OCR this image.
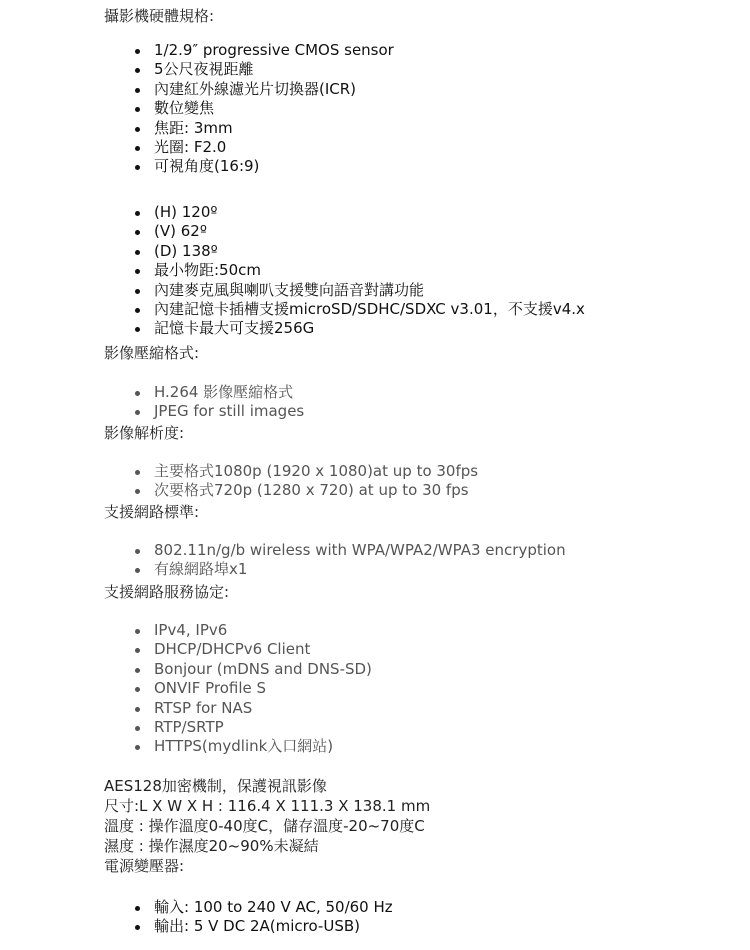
攝影機硬體規格:
1/2.9″ progressive CMOS sensor
5公尺夜視距離
內建紅外線濾光片切換器(ICR)
數位變焦
焦距: 3mm
光圈: F2.0
可視角度(16:9)
(H) 120º
(V) 62º
(D) 138º
最小物距:50cm
內建麥克風與喇叭支援雙向語音對講功能
內建記憶卡插槽支援microSD/SDHC/SDXC v3.01，不支援v4.x
記憶卡最大可支援256G
影像壓縮格式:
H.264 影像壓縮格式
JPEG for still images
影像解析度:
主要格式1080p (1920 x 1080)at up to 30fps
次要格式720p (1280 x 720) at up to 30 fps
支援網路標準:
802.11n/g/b wireless with WPA/WPA2/WPA3 encryption
有線網路埠x1
支援網路服務協定:
IPv4, IPv6
DHCP/DHCPv6 Client
Bonjour (mDNS and DNS-SD)
ONVIF Profile S
RTSP for NAS
RTP/SRTP
HTTPS(mydlink入口網站)
AES128加密機制，保護視訊影像
尺寸:L X W X H : 116.4 X 111.3 X 138.1 mm
溫度 : 操作溫度0-40度C，儲存溫度-20~70度C
濕度 : 操作濕度20~90%未凝結
電源變壓器:
輸入: 100 to 240 V AC, 50/60 Hz
輸出: 5 V DC 2A(micro-USB)
